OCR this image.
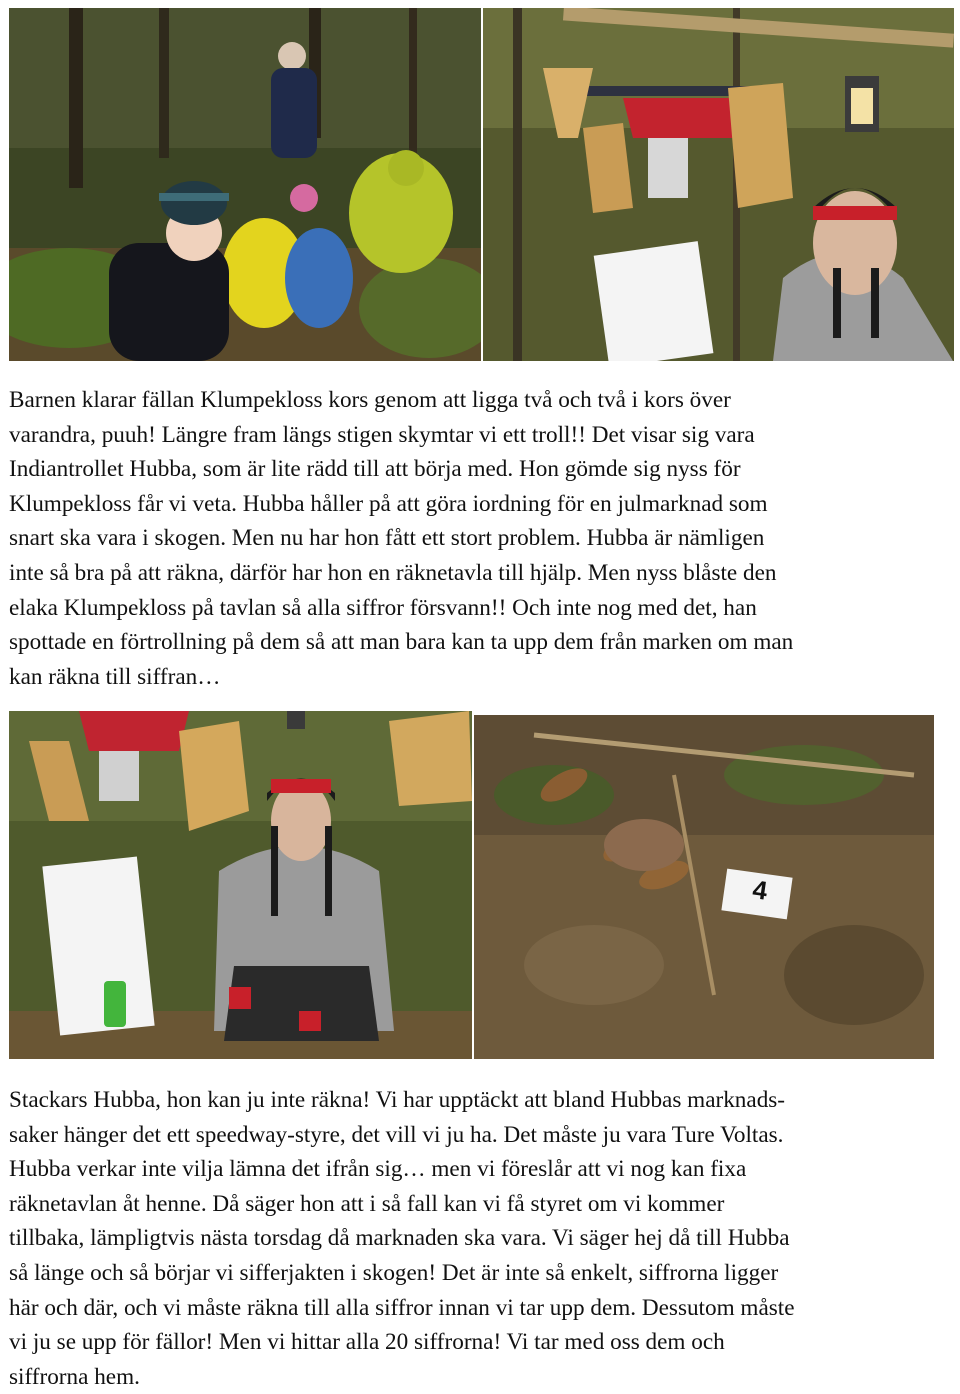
Barnen klarar fällan Klumpekloss kors genom att ligga två och två i kors över
varandra, puuh! Längre fram längs stigen skymtar vi ett troll!! Det visar sig vara
Indiantrollet Hubba, som är lite rädd till att börja med. Hon gömde sig nyss för
Klumpekloss får vi veta. Hubba håller på att göra iordning för en julmarknad som
snart ska vara i skogen. Men nu har hon fått ett stort problem. Hubba är nämligen
inte så bra på att räkna, därför har hon en räknetavla till hjälp. Men nyss blåste den
elaka Klumpekloss på tavlan så alla siffror försvann!! Och inte nog med det, han
spottade en förtrollning på dem så att man bara kan ta upp dem från marken om man
kan räkna till siffran…
4
Stackars Hubba, hon kan ju inte räkna! Vi har upptäckt att bland Hubbas marknads-
saker hänger det ett speedway-styre, det vill vi ju ha. Det måste ju vara Ture Voltas.
Hubba verkar inte vilja lämna det ifrån sig… men vi föreslår att vi nog kan fixa
räknetavlan åt henne. Då säger hon att i så fall kan vi få styret om vi kommer
tillbaka, lämpligtvis nästa torsdag då marknaden ska vara. Vi säger hej då till Hubba
så länge och så börjar vi sifferjakten i skogen! Det är inte så enkelt, siffrorna ligger
här och där, och vi måste räkna till alla siffror innan vi tar upp dem. Dessutom måste
vi ju se upp för fällor! Men vi hittar alla 20 siffrorna! Vi tar med oss dem och
siffrorna hem.
